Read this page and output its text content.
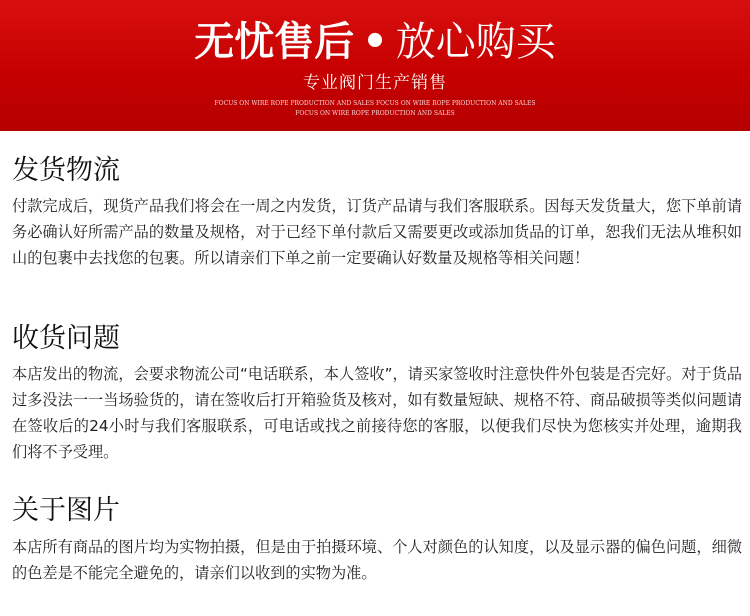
无忧售后 • 放心购买
专业阀门生产销售
FOCUS ON WIRE ROPE PRODUCTION AND SALES FOCUS ON WIRE ROPE PRODUCTION AND SALES
FOCUS ON WIRE ROPE PRODUCTION AND SALES
发货物流

付款完成后，现货产品我们将会在一周之内发货，订货产品请与我们客服联系。因每天发货量大，您下单前请务必确认好所需产品的数量及规格，对于已经下单付款后又需要更改或添加货品的订单，恕我们无法从堆积如山的包裹中去找您的包裹。所以请亲们下单之前一定要确认好数量及规格等相关问题！

收货问题

本店发出的物流，会要求物流公司“电话联系，本人签收”，请买家签收时注意快件外包装是否完好。对于货品过多没法一一当场验货的，请在签收后打开箱验货及核对，如有数量短缺、规格不符、商品破损等类似问题请在签收后的24小时与我们客服联系，可电话或找之前接待您的客服，以便我们尽快为您核实并处理，逾期我们将不予受理。

关于图片

本店所有商品的图片均为实物拍摄，但是由于拍摄环境、个人对颜色的认知度，以及显示器的偏色问题，细微的色差是不能完全避免的，请亲们以收到的实物为准。
